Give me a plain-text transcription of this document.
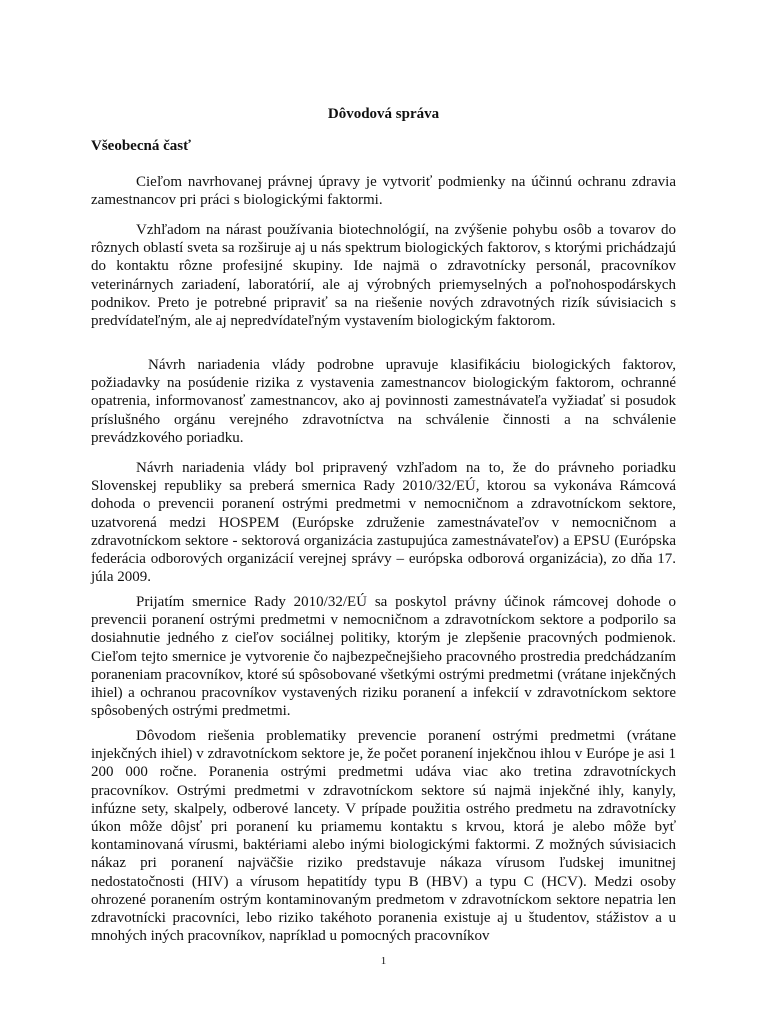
Dôvodová správa
Všeobecná časť

Cieľom navrhovanej právnej úpravy je vytvoriť podmienky na účinnú ochranu zdravia zamestnancov pri práci s biologickými faktormi.

Vzhľadom na nárast používania biotechnológií, na zvýšenie pohybu osôb a tovarov do rôznych oblastí sveta sa rozširuje aj u nás spektrum biologických faktorov, s ktorými prichádzajú do kontaktu rôzne profesijné skupiny. Ide najmä o zdravotnícky personál, pracovníkov veterinárnych zariadení, laboratórií, ale aj výrobných priemyselných a poľnohospodárskych podnikov. Preto je potrebné pripraviť sa na riešenie nových zdravotných rizík súvisiacich s predvídateľným, ale aj nepredvídateľným vystavením biologickým faktorom.

Návrh nariadenia vlády podrobne upravuje klasifikáciu biologických faktorov, požiadavky na posúdenie rizika z vystavenia zamestnancov biologickým faktorom, ochranné opatrenia, informovanosť zamestnancov, ako aj povinnosti zamestnávateľa vyžiadať si posudok príslušného orgánu verejného zdravotníctva na schválenie činnosti a na schválenie prevádzkového poriadku.

Návrh nariadenia vlády bol pripravený vzhľadom na to, že do právneho poriadku Slovenskej republiky sa preberá smernica Rady 2010/32/EÚ, ktorou sa vykonáva Rámcová dohoda o prevencii poranení ostrými predmetmi v nemocničnom a zdravotníckom sektore, uzatvorená medzi HOSPEM (Európske združenie zamestnávateľov v nemocničnom a zdravotníckom sektore - sektorová organizácia zastupujúca zamestnávateľov) a EPSU (Európska federácia odborových organizácií verejnej správy – európska odborová organizácia), zo dňa 17. júla 2009.

Prijatím smernice Rady 2010/32/EÚ sa poskytol právny účinok rámcovej dohode o prevencii poranení ostrými predmetmi v nemocničnom a zdravotníckom sektore a podporilo sa dosiahnutie jedného z cieľov sociálnej politiky, ktorým je zlepšenie pracovných podmienok. Cieľom tejto smernice je vytvorenie čo najbezpečnejšieho pracovného prostredia predchádzaním poraneniam pracovníkov, ktoré sú spôsobované všetkými ostrými predmetmi (vrátane injekčných ihiel) a ochranou pracovníkov vystavených riziku poranení a infekcií v zdravotníckom sektore spôsobených ostrými predmetmi.

Dôvodom riešenia problematiky prevencie poranení ostrými predmetmi (vrátane injekčných ihiel) v zdravotníckom sektore je, že počet poranení injekčnou ihlou v Európe je asi 1 200 000 ročne. Poranenia ostrými predmetmi udáva viac ako tretina zdravotníckych pracovníkov. Ostrými predmetmi v zdravotníckom sektore sú najmä injekčné ihly, kanyly, infúzne sety, skalpely, odberové lancety. V prípade použitia ostrého predmetu na zdravotnícky úkon môže dôjsť pri poranení ku priamemu kontaktu s krvou, ktorá je alebo môže byť kontaminovaná vírusmi, baktériami alebo inými biologickými faktormi. Z možných súvisiacich nákaz pri poranení najväčšie riziko predstavuje nákaza vírusom ľudskej imunitnej nedostatočnosti (HIV) a vírusom hepatitídy typu B (HBV) a typu C (HCV). Medzi osoby ohrozené poranením ostrým kontaminovaným predmetom v zdravotníckom sektore nepatria len zdravotnícki pracovníci, lebo riziko takéhoto poranenia existuje aj u študentov, stážistov a u mnohých iných pracovníkov, napríklad u pomocných pracovníkov

1
